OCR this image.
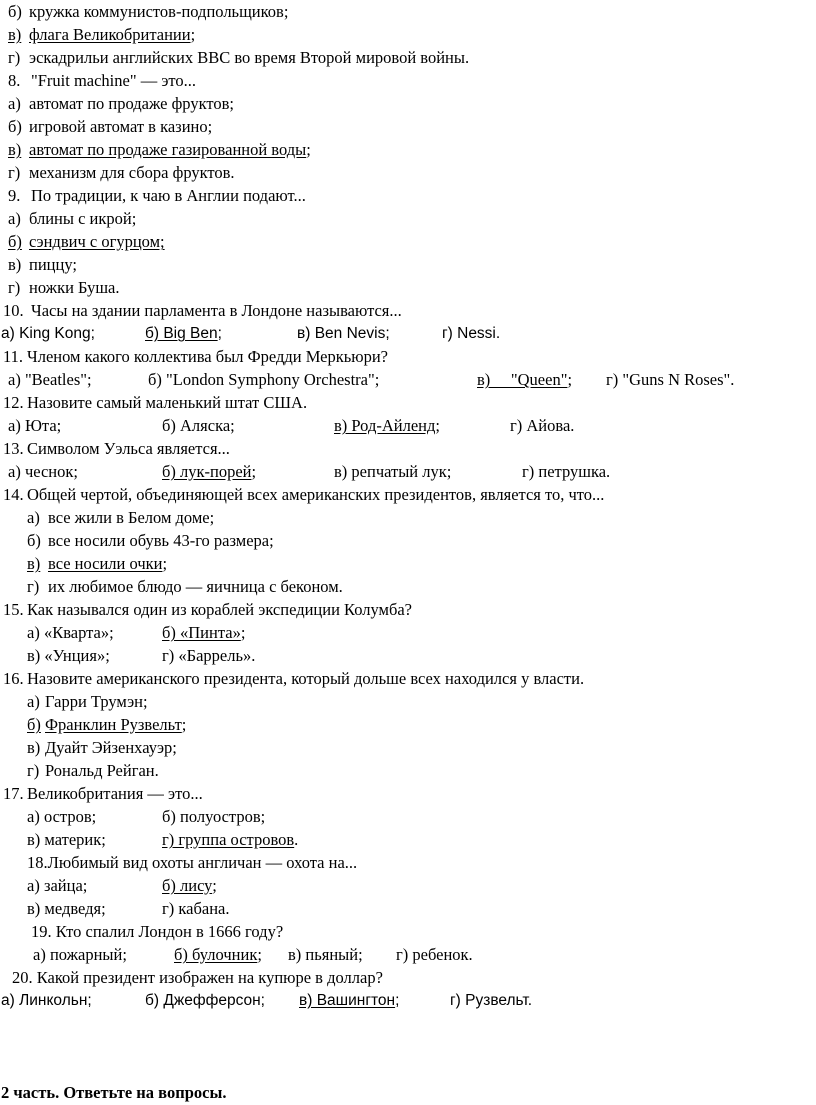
б) кружка коммунистов-подпольщиков;
в) флага Великобритании;
г) эскадрильи английских ВВС во время Второй мировой войны.
8. "Fruit machine" — это...
а) автомат по продаже фруктов;
б) игровой автомат в казино;
в) автомат по продаже газированной воды;
г) механизм для сбора фруктов.
9. По традиции, к чаю в Англии подают...
а) блины с икрой;
б) сэндвич с огурцом;
в) пиццу;
г) ножки Буша.
10. Часы на здании парламента в Лондоне называются...
а) King Kong;	б) Big Ben;	в) Ben Nevis;	г) Nessi.
11. Членом какого коллектива был Фредди Меркьюри?
а) "Beatles";	б) "London Symphony Orchestra";	в)     "Queen"; г) "Guns N Roses".
12. Назовите самый маленький штат США.
а) Юта;	б) Аляска;	в) Род-Айленд;	г) Айова.
13. Символом Уэльса является...
а) чеснок;	б) лук-порей;	в) репчатый лук;	г) петрушка.
14. Общей чертой, объединяющей всех американских президентов, является то, что...
а) все жили в Белом доме;
б) все носили обувь 43-го размера;
в) все носили очки;
г) их любимое блюдо — яичница с беконом.
15. Как назывался один из кораблей экспедиции Колумба?
а) «Кварта»;	б) «Пинта»;
в) «Унция»;	г) «Баррель».
16. Назовите американского президента, который дольше всех находился у власти.
а) Гарри Трумэн;
б) Франклин Рузвельт;
в) Дуайт Эйзенхауэр;
г) Рональд Рейган.
17. Великобритания — это...
а) остров;	б) полуостров;
в) материк;	г) группа островов.
18.Любимый вид охоты англичан — охота на...
а) зайца;	б) лису;
в) медведя;	г) кабана.
19. Кто спалил Лондон в 1666 году?
а) пожарный;	б) булочник; в) пьяный; г) ребенок.
20. Какой президент изображен на купюре в доллар?
а) Линкольн;	б) Джефферсон; в) Вашингтон;	г) Рузвельт.
2 часть. Ответьте на вопросы.
